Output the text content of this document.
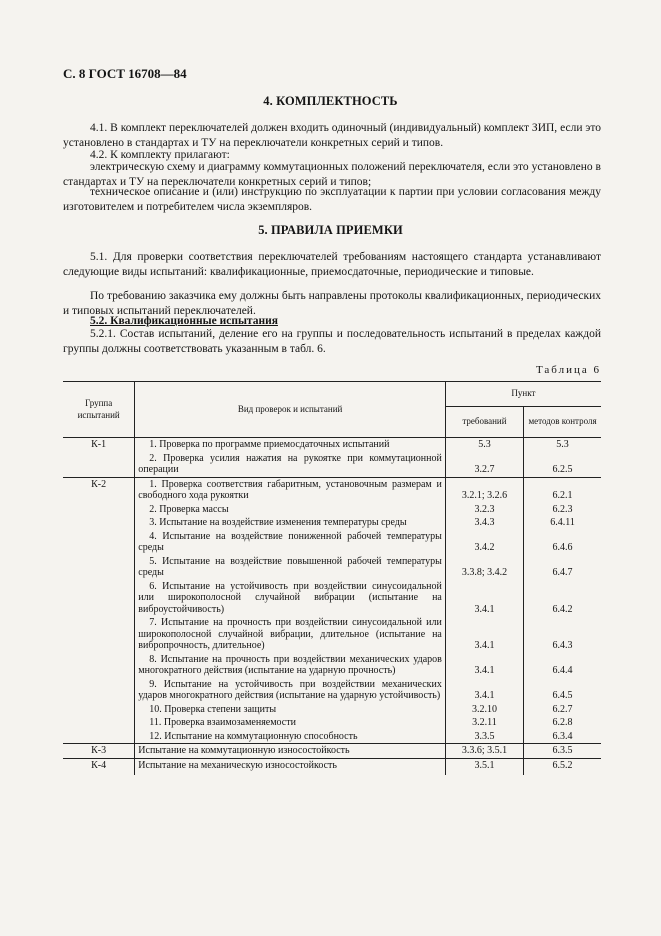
С. 8 ГОСТ 16708—84
4. КОМПЛЕКТНОСТЬ
4.1. В комплект переключателей должен входить одиночный (индивидуальный) комплект ЗИП, если это установлено в стандартах и ТУ на переключатели конкретных серий и типов.
4.2. К комплекту прилагают:
электрическую схему и диаграмму коммутационных положений переключателя, если это установлено в стандартах и ТУ на переключатели конкретных серий и типов;
техническое описание и (или) инструкцию по эксплуатации к партии при условии согласования между изготовителем и потребителем числа экземпляров.
5. ПРАВИЛА ПРИЕМКИ
5.1. Для проверки соответствия переключателей требованиям настоящего стандарта устанавливают следующие виды испытаний: квалификационные, приемосдаточные, периодические и типовые.
По требованию заказчика ему должны быть направлены протоколы квалификационных, периодических и типовых испытаний переключателей.
5.2. Квалификационные испытания
5.2.1. Состав испытаний, деление его на группы и последовательность испытаний в пределах каждой группы должны соответствовать указанным в табл. 6.
Таблица 6
Группа испытаний	Вид проверок и испытаний	Пункт	
		требований	методов контроля
К-1	1. Проверка по программе приемосдаточных испытаний	5.3	5.3
	2. Проверка усилия нажатия на рукоятке при коммутационной операции	3.2.7	6.2.5
К-2	1. Проверка соответствия габаритным, установочным размерам и свободного хода рукоятки	3.2.1; 3.2.6	6.2.1
	2. Проверка массы	3.2.3	6.2.3
	3. Испытание на воздействие изменения температуры среды	3.4.3	6.4.11
	4. Испытание на воздействие пониженной рабочей температуры среды	3.4.2	6.4.6
	5. Испытание на воздействие повышенной рабочей температуры среды	3.3.8; 3.4.2	6.4.7
	6. Испытание на устойчивость при воздействии синусоидальной или широкополосной случайной вибрации (испытание на виброустойчивость)	3.4.1	6.4.2
	7. Испытание на прочность при воздействии синусоидальной или широкополосной случайной вибрации, длительное (испытание на вибропрочность, длительное)	3.4.1	6.4.3
	8. Испытание на прочность при воздействии механических ударов многократного действия (испытание на ударную прочность)	3.4.1	6.4.4
	9. Испытание на устойчивость при воздействии механических ударов многократного действия (испытание на ударную устойчивость)	3.4.1	6.4.5
	10. Проверка степени защиты	3.2.10	6.2.7
	11. Проверка взаимозаменяемости	3.2.11	6.2.8
	12. Испытание на коммутационную способность	3.3.5	6.3.4
К-3	Испытание на коммутационную износостойкость	3.3.6; 3.5.1	6.3.5
К-4	Испытание на механическую износостойкость	3.5.1	6.5.2
